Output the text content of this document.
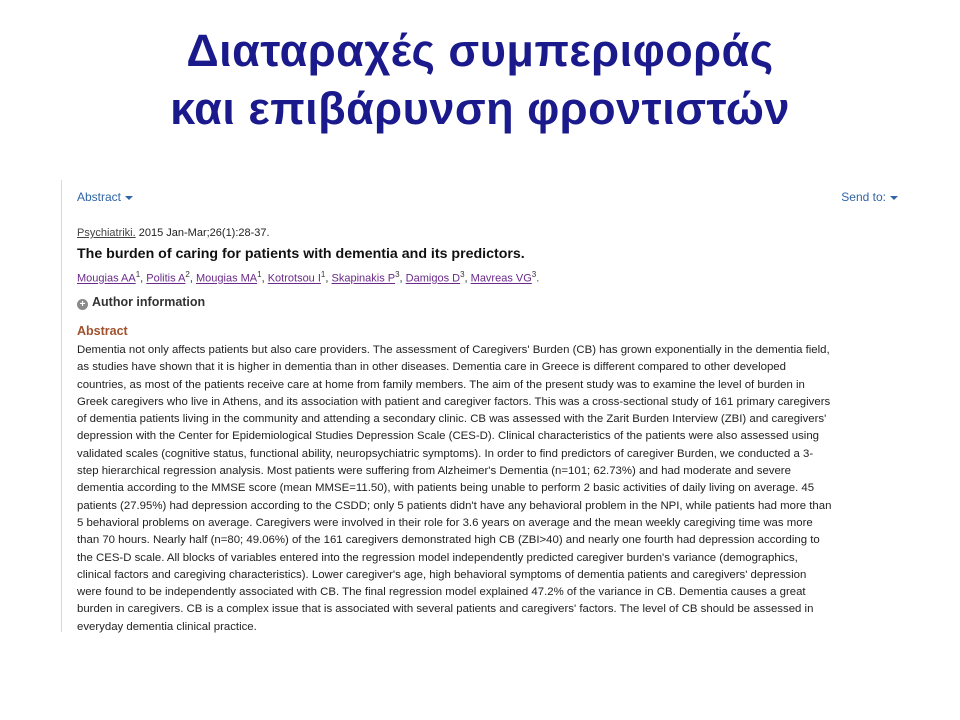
Διαταραχές συμπεριφοράς
και επιβάρυνση φροντιστών
Abstract	Send to:
Psychiatriki. 2015 Jan-Mar;26(1):28-37.
The burden of caring for patients with dementia and its predictors.
Mougias $AA^1$, Politis $A^2$, Mougias $MA^1$, Kotrotsou $I^1$, Skapinakis $P^3$, Damigos $D^3$, Mavreas $VG^3$.
+ Author information
Abstract
Dementia not only affects patients but also care providers. The assessment of Caregivers' Burden (CB) has grown exponentially in the dementia field,
as studies have shown that it is higher in dementia than in other diseases. Dementia care in Greece is different compared to other developed
countries, as most of the patients receive care at home from family members. The aim of the present study was to examine the level of burden in
Greek caregivers who live in Athens, and its association with patient and caregiver factors. This was a cross-sectional study of 161 primary caregivers
of dementia patients living in the community and attending a secondary clinic. CB was assessed with the Zarit Burden Interview (ZBI) and caregivers'
depression with the Center for Epidemiological Studies Depression Scale (CES-D). Clinical characteristics of the patients were also assessed using
validated scales (cognitive status, functional ability, neuropsychiatric symptoms). In order to find predictors of caregiver Burden, we conducted a 3-
step hierarchical regression analysis. Most patients were suffering from Alzheimer's Dementia (n=101; 62.73%) and had moderate and severe
dementia according to the MMSE score (mean MMSE=11.50), with patients being unable to perform 2 basic activities of daily living on average. 45
patients (27.95%) had depression according to the CSDD; only 5 patients didn't have any behavioral problem in the NPI, while patients had more than
5 behavioral problems on average. Caregivers were involved in their role for 3.6 years on average and the mean weekly caregiving time was more
than 70 hours. Nearly half (n=80; 49.06%) of the 161 caregivers demonstrated high CB (ZBI>40) and nearly one fourth had depression according to
the CES-D scale. All blocks of variables entered into the regression model independently predicted caregiver burden's variance (demographics,
clinical factors and caregiving characteristics). Lower caregiver's age, high behavioral symptoms of dementia patients and caregivers' depression
were found to be independently associated with CB. The final regression model explained 47.2% of the variance in CB. Dementia causes a great
burden in caregivers. CB is a complex issue that is associated with several patients and caregivers' factors. The level of CB should be assessed in
everyday dementia clinical practice.
